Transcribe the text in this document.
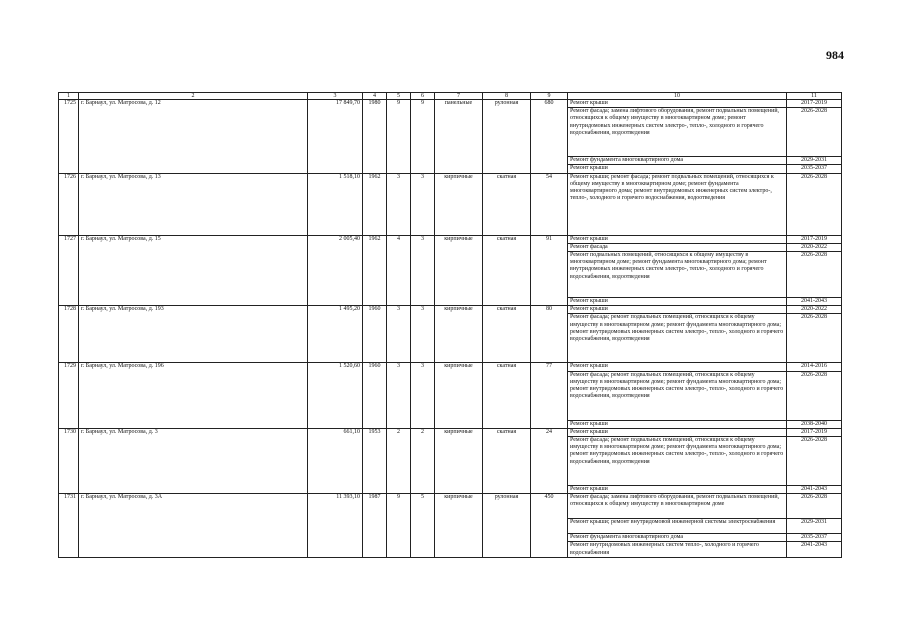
984
1	2	3	4	5	6	7	8	9	10	11
1725	г. Барнаул, ул. Матросова, д. 12	17 849,70	1980	9	9	панельные	рулонная	680	Ремонт крыши	2017-2019
									Ремонт фасада; замена лифтового оборудования, ремонт подвальных помещений, относящихся к общему имуществу в многоквартирном доме; ремонт внутридомовых инженерных систем электро-, тепло-, холодного и горячего водоснабжения, водоотведения	2026-2028
									Ремонт фундамента многоквартирного дома	2029-2031
									Ремонт крыши	2035-2037
1726	г. Барнаул, ул. Матросова, д. 13	1 518,10	1962	3	3	кирпичные	скатная	54	Ремонт крыши; ремонт фасада; ремонт подвальных помещений, относящихся к общему имуществу в многоквартирном доме; ремонт фундамента многоквартирного дома; ремонт внутридомовых инженерных систем электро-, тепло-, холодного и горячего водоснабжения, водоотведения	2026-2028
1727	г. Барнаул, ул. Матросова, д. 15	2 005,40	1962	4	3	кирпичные	скатная	91	Ремонт крыши	2017-2019
									Ремонт фасада	2020-2022
									Ремонт подвальных помещений, относящихся к общему имуществу в многоквартирном доме; ремонт фундамента многоквартирного дома; ремонт внутридомовых инженерных систем электро-, тепло-, холодного и горячего водоснабжения, водоотведения	2026-2028
									Ремонт крыши	2041-2043
1728	г. Барнаул, ул. Матросова, д. 193	1 495,20	1960	3	3	кирпичные	скатная	80	Ремонт крыши	2020-2022
									Ремонт фасада; ремонт подвальных помещений, относящихся к общему имуществу в многоквартирном доме; ремонт фундамента многоквартирного дома; ремонт внутридомовых инженерных систем электро-, тепло-, холодного и горячего водоснабжения, водоотведения	2026-2028
1729	г. Барнаул, ул. Матросова, д. 196	1 520,60	1960	3	3	кирпичные	скатная	77	Ремонт крыши	2014-2016
									Ремонт фасада; ремонт подвальных помещений, относящихся к общему имуществу в многоквартирном доме; ремонт фундамента многоквартирного дома; ремонт внутридомовых инженерных систем электро-, тепло-, холодного и горячего водоснабжения, водоотведения	2026-2028
									Ремонт крыши	2038-2040
1730	г. Барнаул, ул. Матросова, д. 3	661,10	1953	2	2	кирпичные	скатная	24	Ремонт крыши	2017-2019
									Ремонт фасада; ремонт подвальных помещений, относящихся к общему имуществу в многоквартирном доме; ремонт фундамента многоквартирного дома; ремонт внутридомовых инженерных систем электро-, тепло-, холодного и горячего водоснабжения, водоотведения	2026-2028
									Ремонт крыши	2041-2043
1731	г. Барнаул, ул. Матросова, д. 3А	11 393,10	1987	9	5	кирпичные	рулонная	450	Ремонт фасада; замена лифтового оборудования, ремонт подвальных помещений, относящихся к общему имуществу в многоквартирном доме	2026-2028
									Ремонт крыши; ремонт внутридомовой инженерной системы электроснабжения	2029-2031
									Ремонт фундамента многоквартирного дома	2035-2037
									Ремонт внутридомовых инженерных систем тепло-, холодного и горячего водоснабжения	2041-2043
